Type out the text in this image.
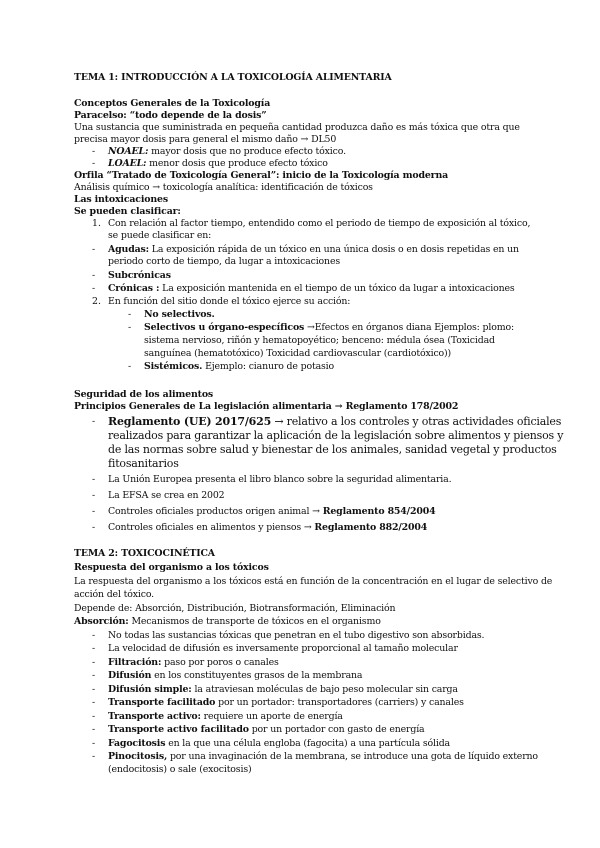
TEMA 1: INTRODUCCIÓN A LA TOXICOLOGÍA ALIMENTARIA
Conceptos Generales de la Toxicología
Paracelso: “todo depende de la dosis”
Una sustancia que suministrada en pequeña cantidad produzca daño es más tóxica que otra que
precisa mayor dosis para general el mismo daño → DL50
- NOAEL: mayor dosis que no produce efecto tóxico.
- LOAEL: menor dosis que produce efecto tóxico
Orfila “Tratado de Toxicología General”: inicio de la Toxicología moderna
Análisis químico → toxicología analítica: identificación de tóxicos
Las intoxicaciones
Se pueden clasificar:
1. Con relación al factor tiempo, entendido como el periodo de tiempo de exposición al tóxico,
se puede clasificar en:
- Agudas: La exposición rápida de un tóxico en una única dosis o en dosis repetidas en un
periodo corto de tiempo, da lugar a intoxicaciones
- Subcrónicas
- Crónicas : La exposición mantenida en el tiempo de un tóxico da lugar a intoxicaciones
2. En función del sitio donde el tóxico ejerce su acción:
- No selectivos.
- Selectivos u órgano-específicos →Efectos en órganos diana Ejemplos: plomo:
sistema nervioso, riñón y hematopoyético; benceno: médula ósea (Toxicidad
sanguínea (hematotóxico) Toxicidad cardiovascular (cardiotóxico))
- Sistémicos. Ejemplo: cianuro de potasio
Seguridad de los alimentos
Principios Generales de La legislación alimentaria → Reglamento 178/2002
- Reglamento (UE) 2017/625 → relativo a los controles y otras actividades oficiales
realizados para garantizar la aplicación de la legislación sobre alimentos y piensos y
de las normas sobre salud y bienestar de los animales, sanidad vegetal y productos
fitosanitarios
- La Unión Europea presenta el libro blanco sobre la seguridad alimentaria.
- La EFSA se crea en 2002
- Controles oficiales productos origen animal → Reglamento 854/2004
- Controles oficiales en alimentos y piensos → Reglamento 882/2004
TEMA 2: TOXICOCINÉTICA
Respuesta del organismo a los tóxicos
La respuesta del organismo a los tóxicos está en función de la concentración en el lugar de selectivo de
acción del tóxico.
Depende de: Absorción, Distribución, Biotransformación, Eliminación
Absorción: Mecanismos de transporte de tóxicos en el organismo
- No todas las sustancias tóxicas que penetran en el tubo digestivo son absorbidas.
- La velocidad de difusión es inversamente proporcional al tamaño molecular
- Filtración: paso por poros o canales
- Difusión en los constituyentes grasos de la membrana
- Difusión simple: la atraviesan moléculas de bajo peso molecular sin carga
- Transporte facilitado por un portador: transportadores (carriers) y canales
- Transporte activo: requiere un aporte de energía
- Transporte activo facilitado por un portador con gasto de energía
- Fagocitosis en la que una célula engloba (fagocita) a una partícula sólida
- Pinocitosis, por una invaginación de la membrana, se introduce una gota de líquido externo
(endocitosis) o sale (exocitosis)
